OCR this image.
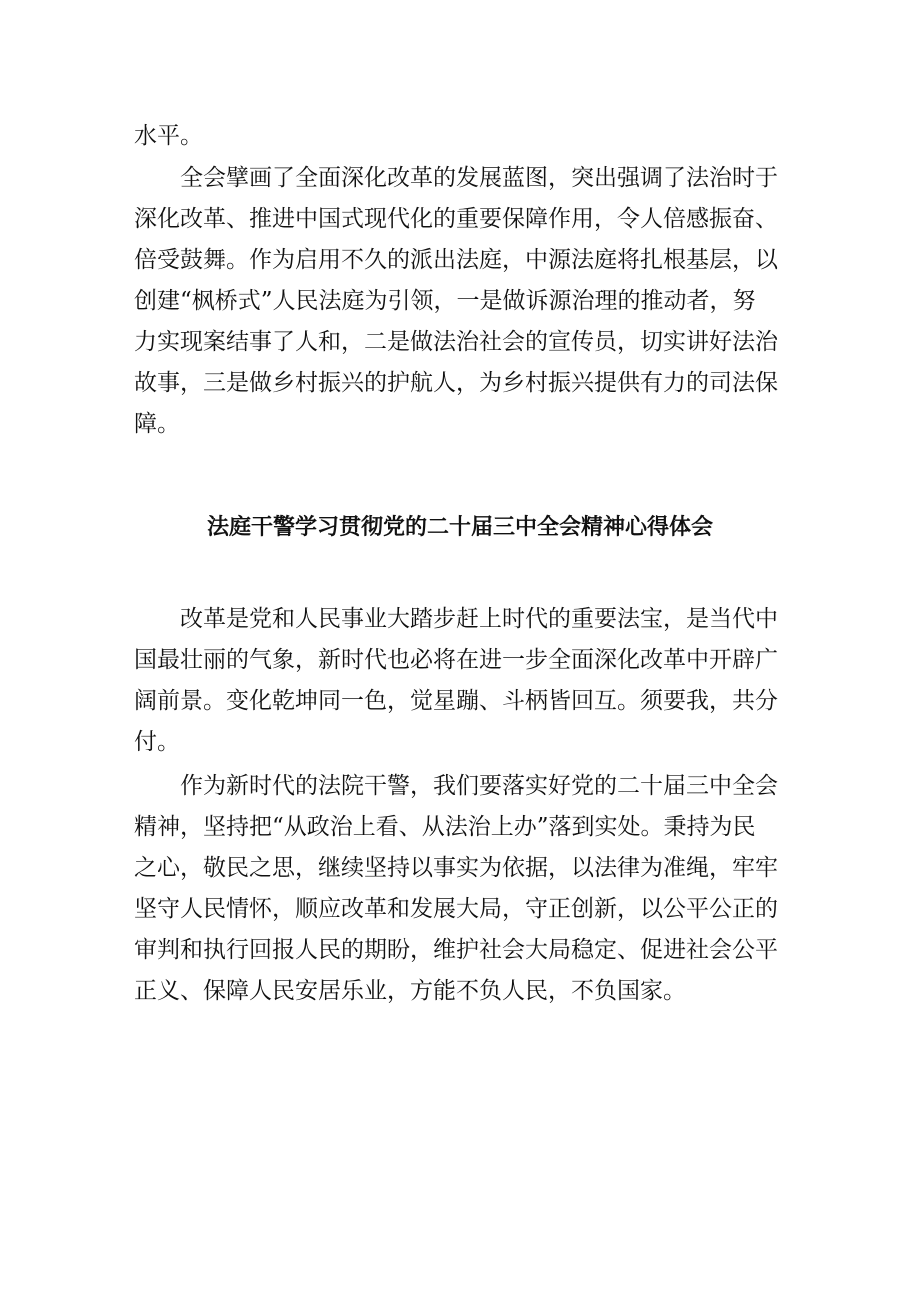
水平。
全会擘画了全面深化改革的发展蓝图，突出强调了法治时于
深化改革、推进中国式现代化的重要保障作用，令人倍感振奋、
倍受鼓舞。作为启用不久的派出法庭，中源法庭将扎根基层，以
创建“枫桥式”人民法庭为引领，一是做诉源治理的推动者，努
力实现案结事了人和，二是做法治社会的宣传员，切实讲好法治
故事，三是做乡村振兴的护航人，为乡村振兴提供有力的司法保
障。
法庭干警学习贯彻党的二十届三中全会精神心得体会
改革是党和人民事业大踏步赶上时代的重要法宝，是当代中
国最壮丽的气象，新时代也必将在进一步全面深化改革中开辟广
阔前景。变化乾坤同一色，觉星蹦、斗柄皆回互。须要我，共分
付。
作为新时代的法院干警，我们要落实好党的二十届三中全会
精神，坚持把“从政治上看、从法治上办”落到实处。秉持为民
之心，敬民之思，继续坚持以事实为依据，以法律为准绳，牢牢
坚守人民情怀，顺应改革和发展大局，守正创新，以公平公正的
审判和执行回报人民的期盼，维护社会大局稳定、促进社会公平
正义、保障人民安居乐业，方能不负人民，不负国家。
